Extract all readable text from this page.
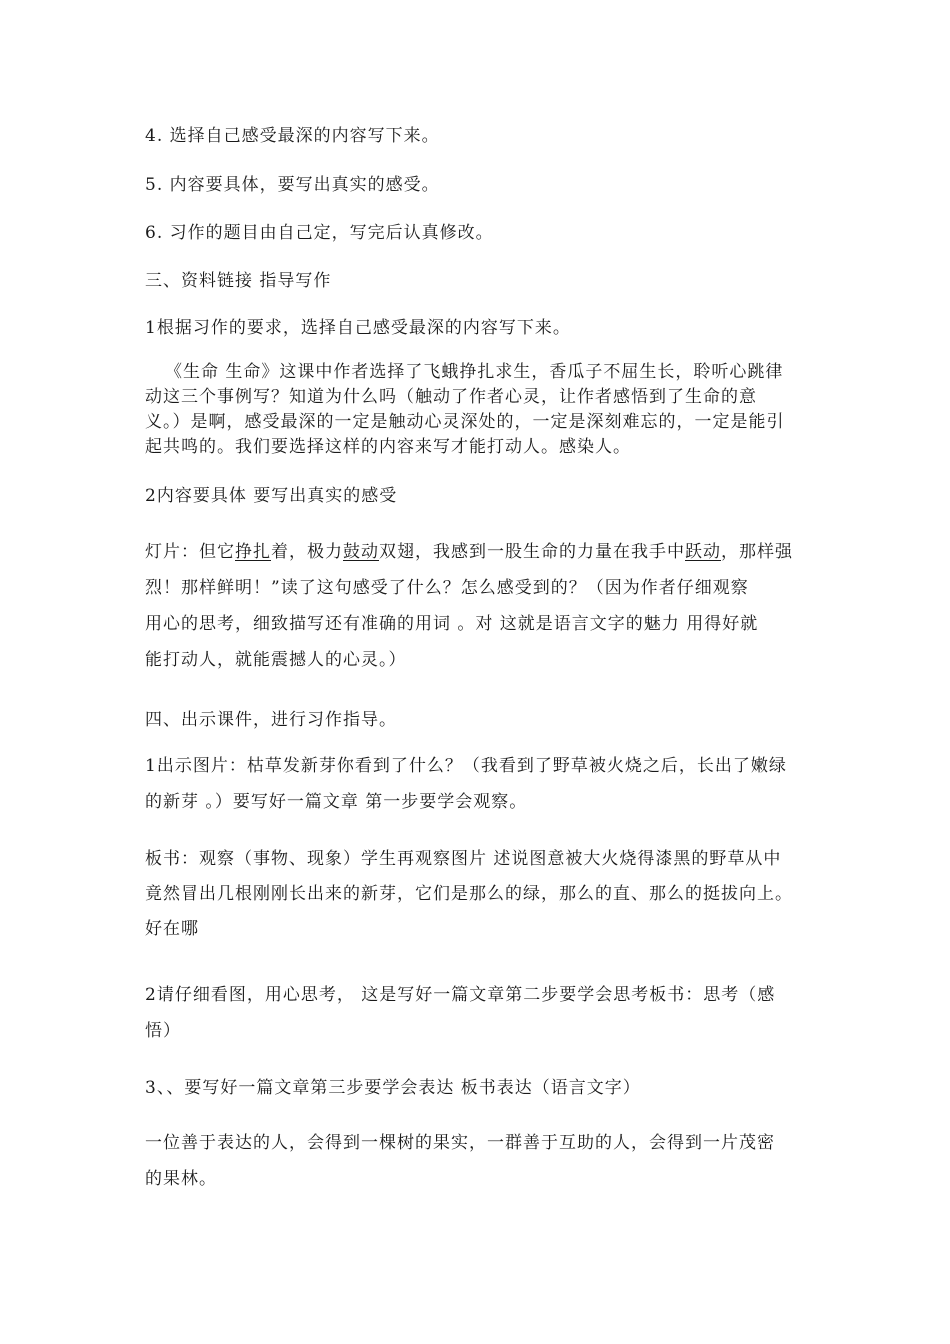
4. 选择自己感受最深的内容写下来。

5. 内容要具体，要写出真实的感受。

6. 习作的题目由自己定，写完后认真修改。

三、资料链接 指导写作

1根据习作的要求，选择自己感受最深的内容写下来。

《生命 生命》这课中作者选择了飞蛾挣扎求生，香瓜子不屈生长，聆听心跳律
动这三个事例写？知道为什么吗（触动了作者心灵，让作者感悟到了生命的意
义。）是啊，感受最深的一定是触动心灵深处的，一定是深刻难忘的，一定是能引
起共鸣的。我们要选择这样的内容来写才能打动人。感染人。

2内容要具体 要写出真实的感受

灯片：但它挣扎着，极力鼓动双翅，我感到一股生命的力量在我手中跃动，那样强
烈！那样鲜明！”读了这句感受了什么？怎么感受到的？（因为作者仔细观察
用心的思考，细致描写还有准确的用词 。对 这就是语言文字的魅力 用得好就
能打动人，就能震撼人的心灵。）

四、出示课件，进行习作指导。

1出示图片：枯草发新芽你看到了什么？（我看到了野草被火烧之后，长出了嫩绿
的新芽 。）要写好一篇文章 第一步要学会观察。

板书：观察（事物、现象）学生再观察图片 述说图意被大火烧得漆黑的野草从中
竟然冒出几根刚刚长出来的新芽，它们是那么的绿，那么的直、那么的挺拔向上。
好在哪

2请仔细看图，用心思考， 这是写好一篇文章第二步要学会思考板书：思考（感
悟）

3、、要写好一篇文章第三步要学会表达 板书表达（语言文字）

一位善于表达的人，会得到一棵树的果实，一群善于互助的人，会得到一片茂密
的果林。
